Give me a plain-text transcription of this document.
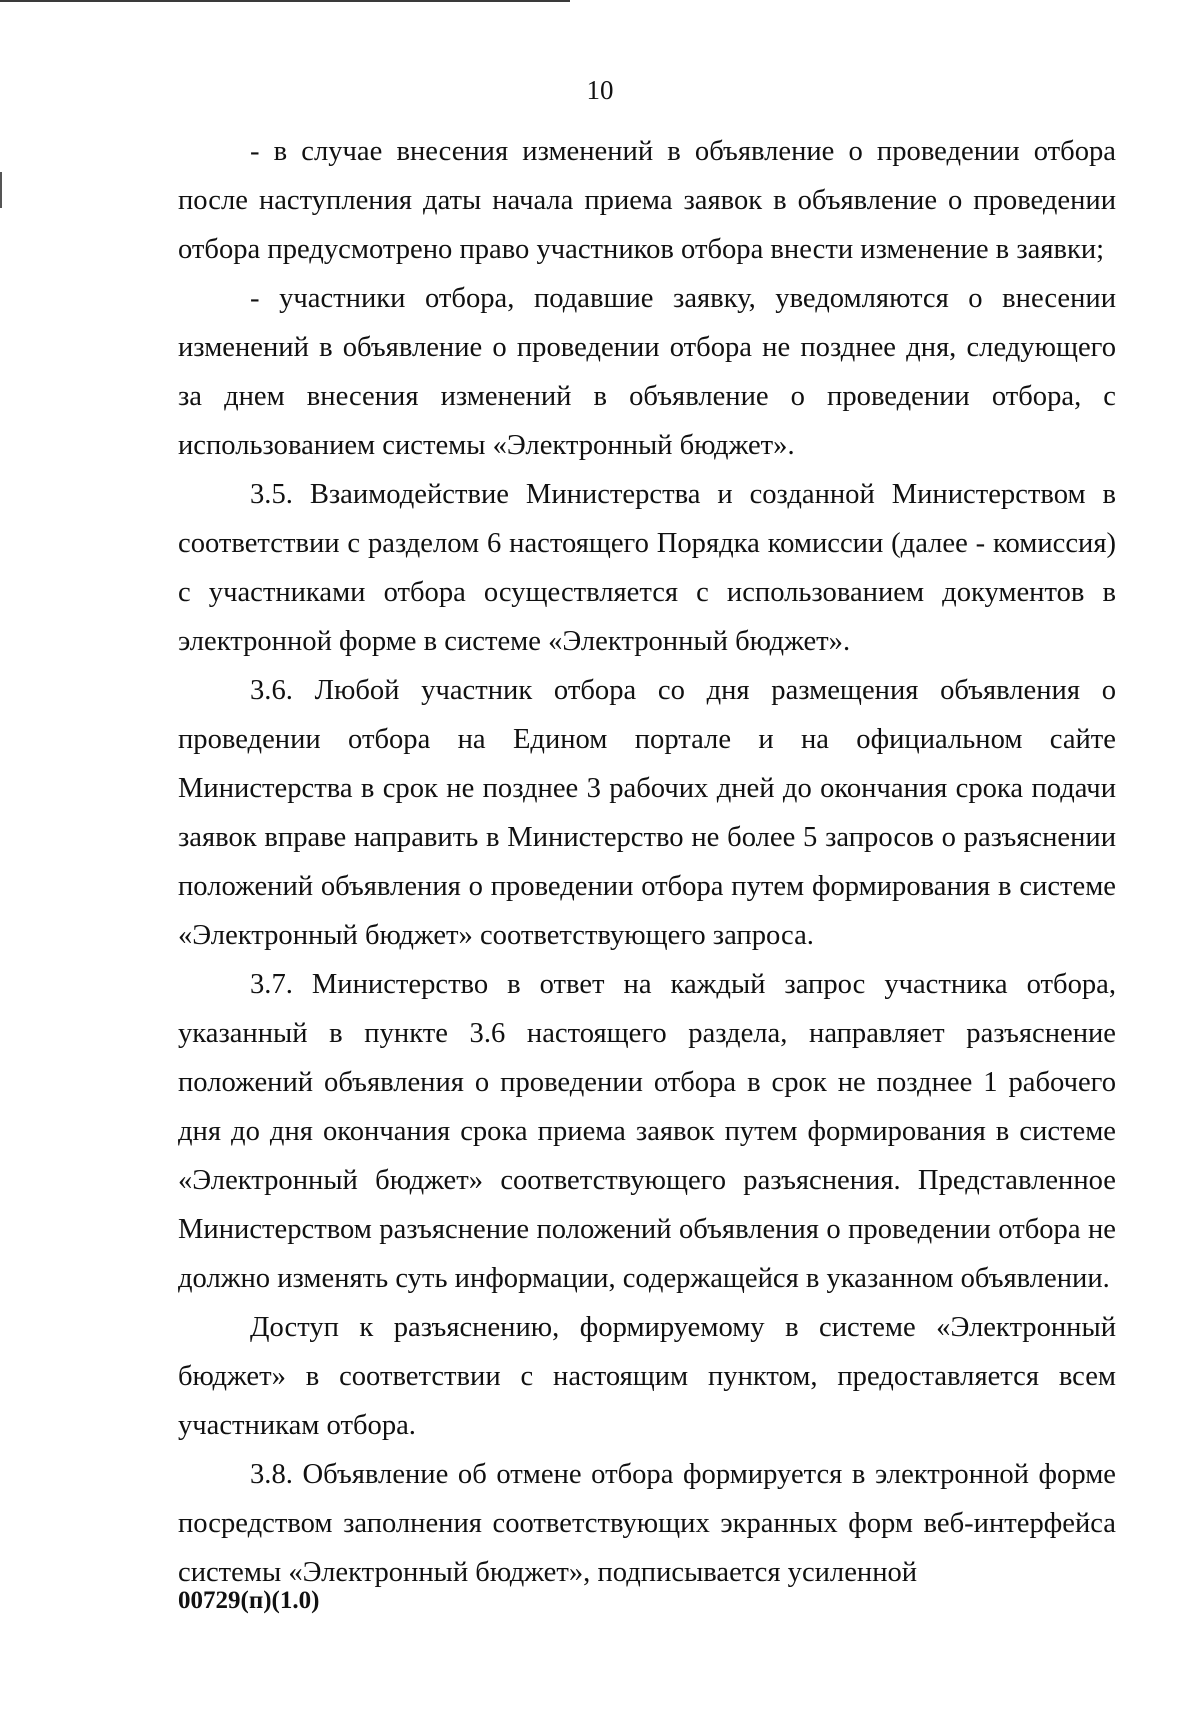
10

- в случае внесения изменений в объявление о проведении отбора после наступления даты начала приема заявок в объявление о проведении отбора предусмотрено право участников отбора внести изменение в заявки;

- участники отбора, подавшие заявку, уведомляются о внесении изменений в объявление о проведении отбора не позднее дня, следующего за днем внесения изменений в объявление о проведении отбора, с использованием системы «Электронный бюджет».

3.5. Взаимодействие Министерства и созданной Министерством в соответствии с разделом 6 настоящего Порядка комиссии (далее - комиссия) с участниками отбора осуществляется с использованием документов в электронной форме в системе «Электронный бюджет».

3.6. Любой участник отбора со дня размещения объявления о проведении отбора на Едином портале и на официальном сайте Министерства в срок не позднее 3 рабочих дней до окончания срока подачи заявок вправе направить в Министерство не более 5 запросов о разъяснении положений объявления о проведении отбора путем формирования в системе «Электронный бюджет» соответствующего запроса.

3.7. Министерство в ответ на каждый запрос участника отбора, указанный в пункте 3.6 настоящего раздела, направляет разъяснение положений объявления о проведении отбора в срок не позднее 1 рабочего дня до дня окончания срока приема заявок путем формирования в системе «Электронный бюджет» соответствующего разъяснения. Представленное Министерством разъяснение положений объявления о проведении отбора не должно изменять суть информации, содержащейся в указанном объявлении.

Доступ к разъяснению, формируемому в системе «Электронный бюджет» в соответствии с настоящим пунктом, предоставляется всем участникам отбора.

3.8. Объявление об отмене отбора формируется в электронной форме посредством заполнения соответствующих экранных форм веб-интерфейса системы «Электронный бюджет», подписывается усиленной

00729(п)(1.0)
